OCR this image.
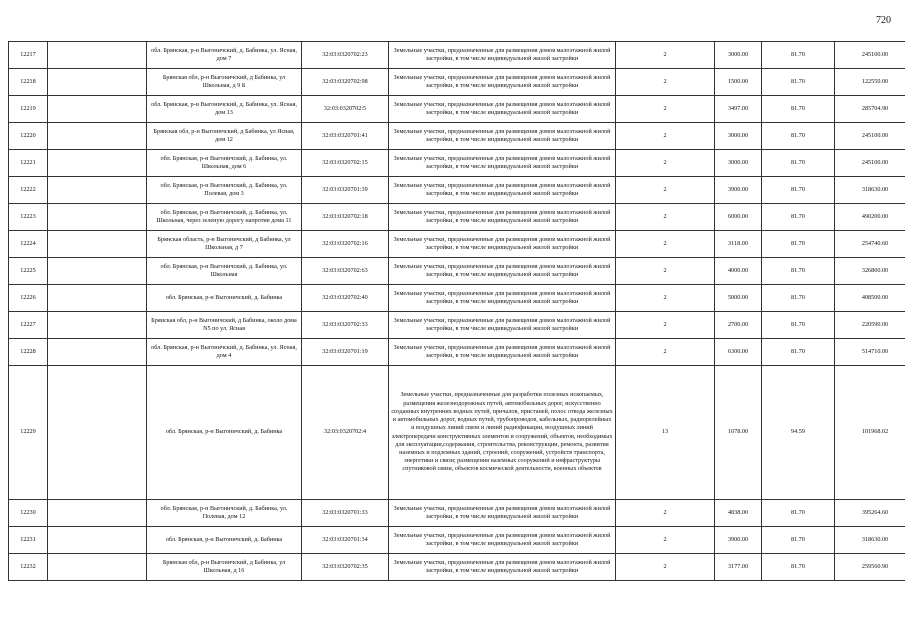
720
12217		обл. Брянская, р-н Выгоничский, д. Бабинка, ул. Ясная, дом 7	32:03:0320702:23	Земельные участки, предназначенные для размещения домов малоэтажной жилой застройки, в том числе индивидуальной жилой застройки	2	3000.00	81.70	245100.00
12218		Брянская обл, р-н Выгоничский, д Бабинка, ул Школьная, д 9 Б	32:03:0320702:98	Земельные участки, предназначенные для размещения домов малоэтажной жилой застройки, в том числе индивидуальной жилой застройки	2	1500.00	81.70	122550.00
12219		обл. Брянская, р-н Выгоничский, д. Бабинка, ул. Ясная, дом 13	32:03:0320702:5	Земельные участки, предназначенные для размещения домов малоэтажной жилой застройки, в том числе индивидуальной жилой застройки	2	3497.00	81.70	285704.90
12220		Брянская обл, р-н Выгоничский, д Бабинка, ул Ясная, дом 12	32:03:0320701:41	Земельные участки, предназначенные для размещения домов малоэтажной жилой застройки, в том числе индивидуальной жилой застройки	2	3000.00	81.70	245100.00
12221		обл. Брянская, р-н Выгоничский, д. Бабинка, ул. Школьная, дом 6	32:03:0320702:15	Земельные участки, предназначенные для размещения домов малоэтажной жилой застройки, в том числе индивидуальной жилой застройки	2	3000.00	81.70	245100.00
12222		обл. Брянская, р-н Выгоничский, д. Бабинка, ул. Полевая, дом 3	32:03:0320701:39	Земельные участки, предназначенные для размещения домов малоэтажной жилой застройки, в том числе индивидуальной жилой застройки	2	3900.00	81.70	318630.00
12223		обл. Брянская, р-н Выгоничский, д. Бабинка, ул. Школьная, через зеленую дорогу напротив дома 11	32:03:0320702:18	Земельные участки, предназначенные для размещения домов малоэтажной жилой застройки, в том числе индивидуальной жилой застройки	2	6000.00	81.70	490200.00
12224		Брянская область, р-н Выгоничский, д Бабинка, ул Школьная, д 7	32:03:0320702:16	Земельные участки, предназначенные для размещения домов малоэтажной жилой застройки, в том числе индивидуальной жилой застройки	2	3118.00	81.70	254740.60
12225		обл. Брянская, р-н Выгоничский, д. Бабинка, ул. Школьная	32:03:0320702:63	Земельные участки, предназначенные для размещения домов малоэтажной жилой застройки, в том числе индивидуальной жилой застройки	2	4000.00	81.70	326800.00
12226		обл. Брянская, р-н Выгоничский, д. Бабинка	32:03:0320702:40	Земельные участки, предназначенные для размещения домов малоэтажной жилой застройки, в том числе индивидуальной жилой застройки	2	5000.00	81.70	408500.00
12227		Брянская обл, р-н Выгоничский, д Бабинка, около дома N5 по ул. Ясная	32:03:0320702:33	Земельные участки, предназначенные для размещения домов малоэтажной жилой застройки, в том числе индивидуальной жилой застройки	2	2700.00	81.70	220590.00
12228		обл. Брянская, р-н Выгоничский, д. Бабинка, ул. Ясная, дом 4	32:03:0320701:19	Земельные участки, предназначенные для размещения домов малоэтажной жилой застройки, в том числе индивидуальной жилой застройки	2	6300.00	81.70	514710.00
12229		обл. Брянская, р-н Выгоничский, д. Бабинка	32:03:0320702:4	Земельные участки, предназначенные для разработки полезных ископаемых, размещения железнодорожных путей, автомобильных дорог, искусственно созданных внутренних водных путей, причалов, пристаней, полос отвода железных и автомобильных дорог, водных путей, трубопроводов, кабельных, радиорелейных и воздушных линий связи и линий радиофикации, воздушных линий электропередачи конструктивных элементов и сооружений, объектов, необходимых для эксплуатации,содержания, строительства, реконструкции, ремонта, развития наземных и подземных зданий, строений, сооружений, устройств транспорта, энергетики и связи; размещения наземных сооружений и инфраструктуры спутниковой связи, объектов космической деятельности, военных объектов	13	1078.00	94.59	101968.02
12230		обл. Брянская, р-н Выгоничский, д. Бабинка, ул. Полевая, дом 12	32:03:0320701:33	Земельные участки, предназначенные для размещения домов малоэтажной жилой застройки, в том числе индивидуальной жилой застройки	2	4838.00	81.70	395264.60
12231		обл. Брянская, р-н Выгоничский, д. Бабинка	32:03:0320701:34	Земельные участки, предназначенные для размещения домов малоэтажной жилой застройки, в том числе индивидуальной жилой застройки	2	3900.00	81.70	318630.00
12232		Брянская обл, р-н Выгоничский, д Бабинка, ул Школьная, д 16	32:03:0320702:35	Земельные участки, предназначенные для размещения домов малоэтажной жилой застройки, в том числе индивидуальной жилой застройки	2	3177.00	81.70	259560.90
